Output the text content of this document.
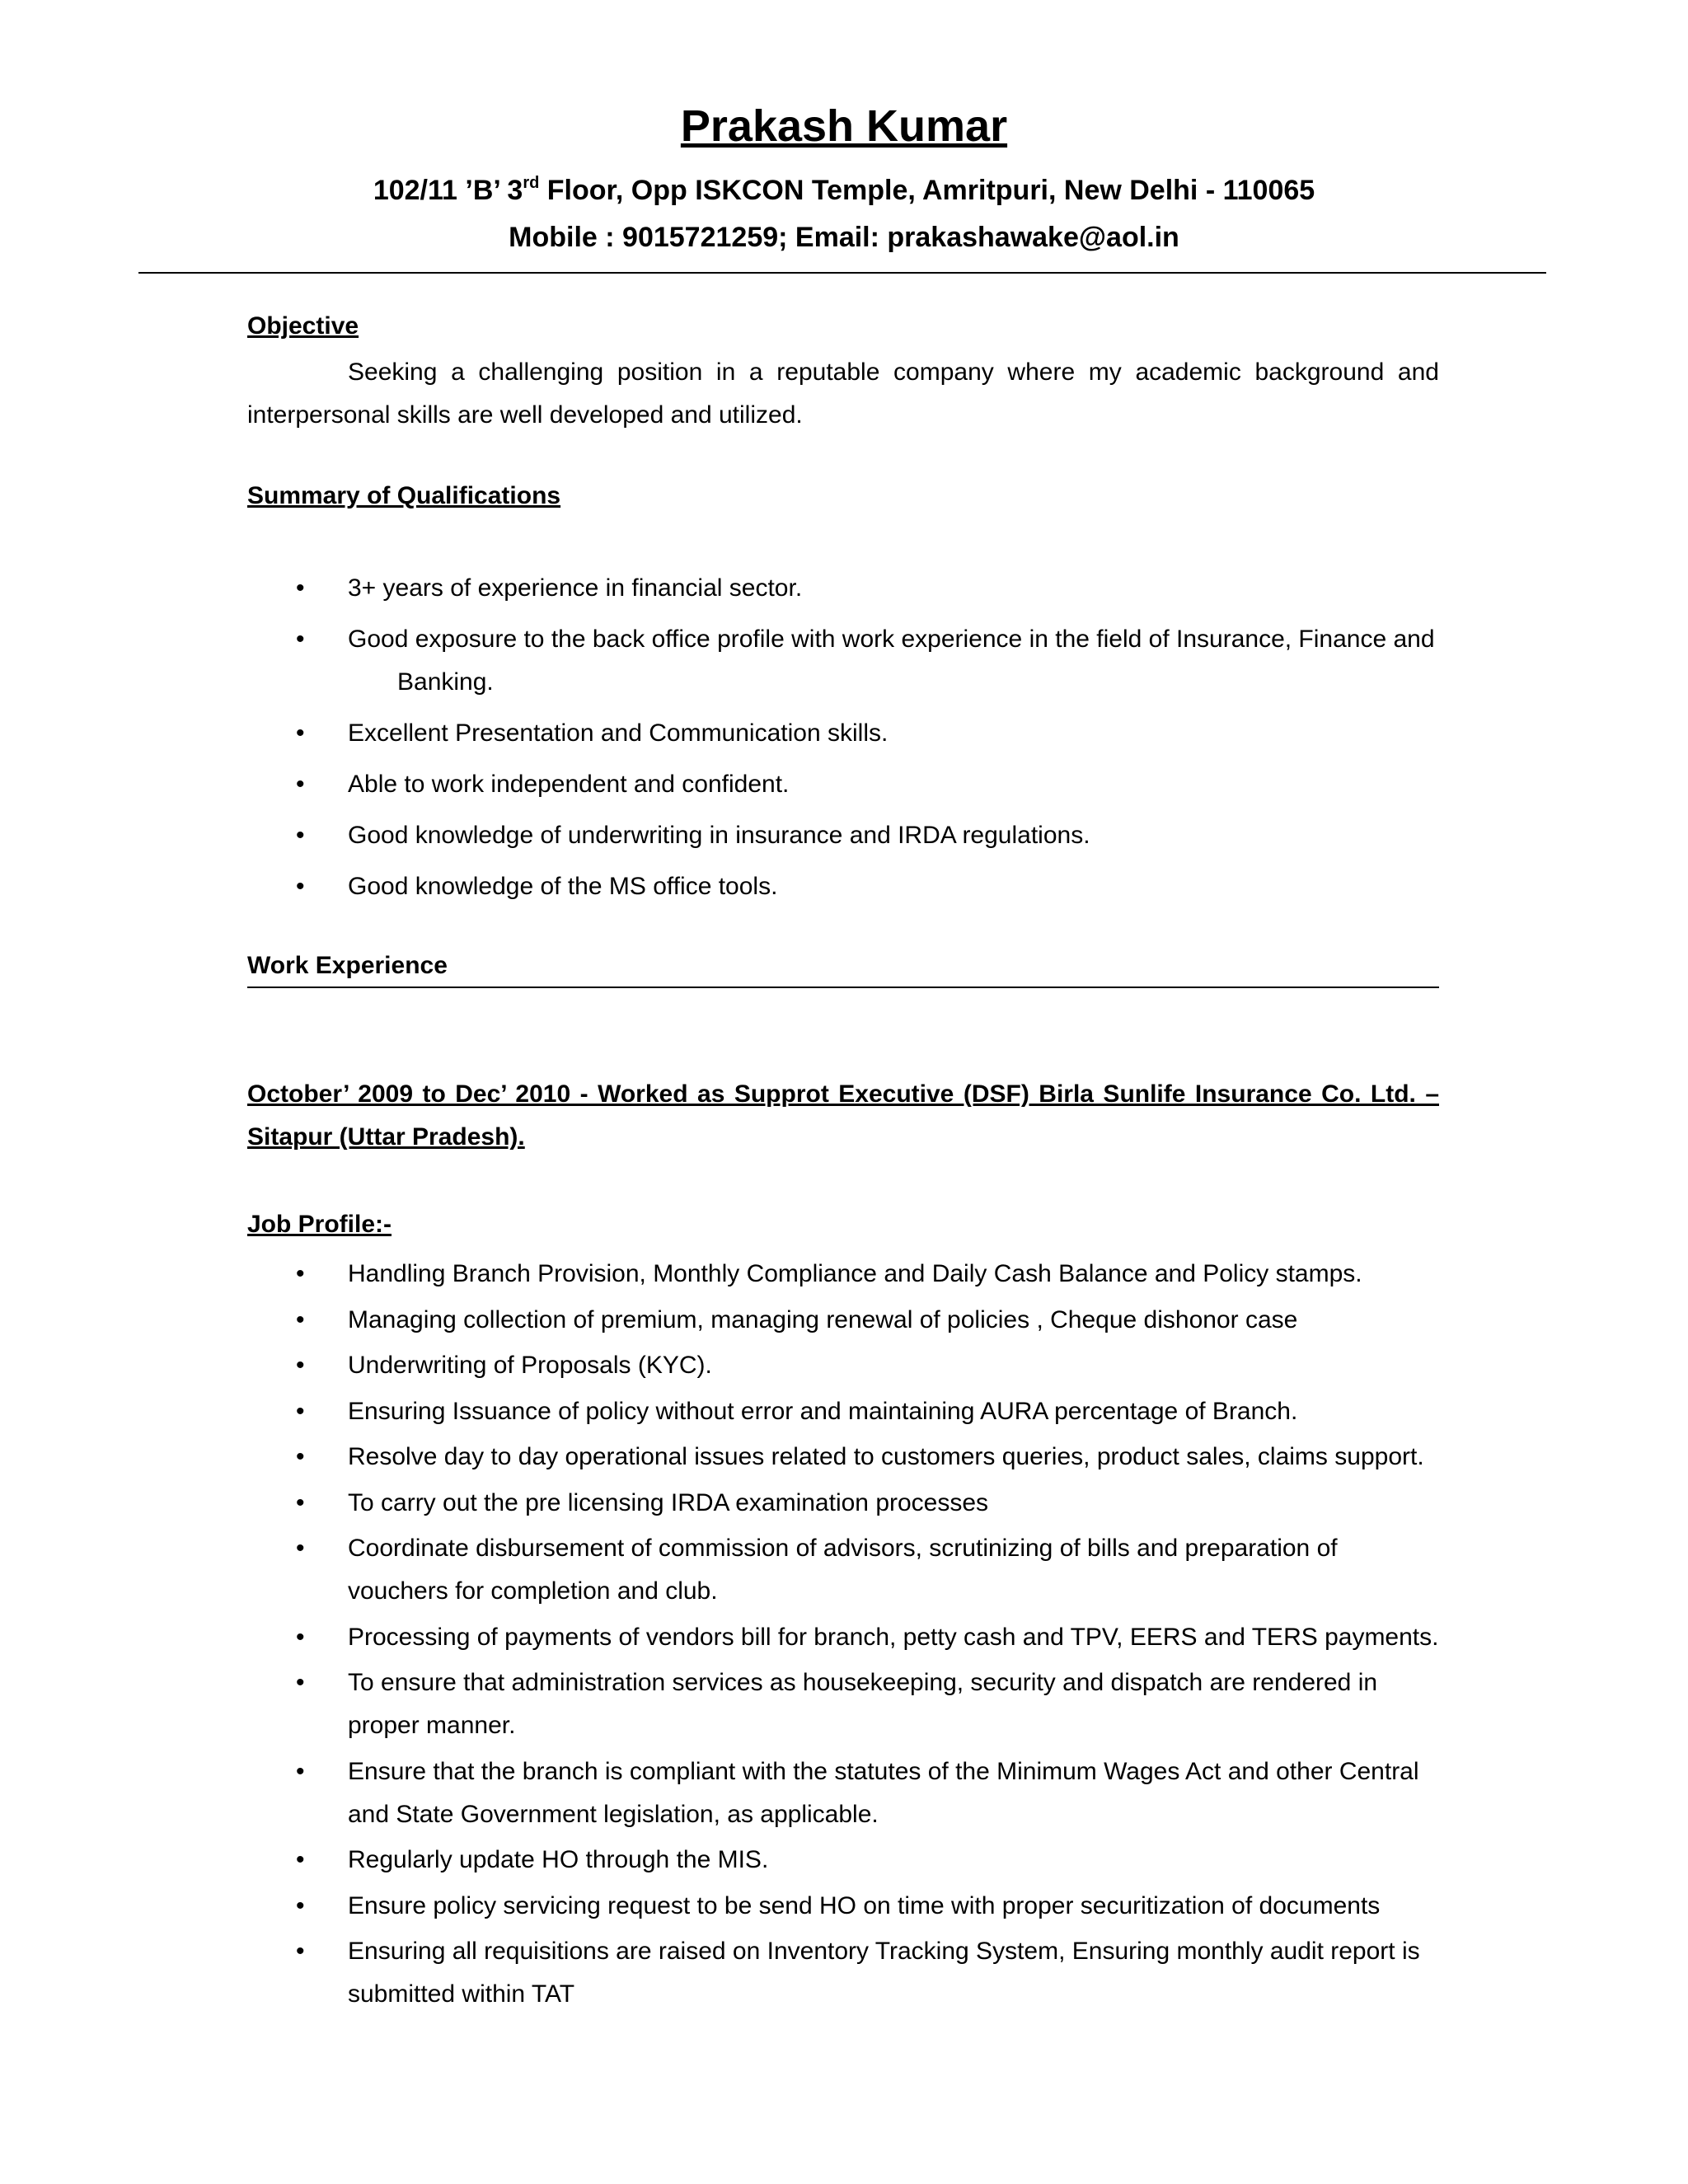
Prakash Kumar
102/11 ’B’ 3rd Floor, Opp ISKCON Temple, Amritpuri, New Delhi - 110065
Mobile : 9015721259; Email: prakashawake@aol.in
Objective
Seeking a challenging position in a reputable company where my academic background and interpersonal skills are well developed and utilized.
Summary of Qualifications
• 3+ years of experience in financial sector.
• Good exposure to the back office profile with work experience in the field of Insurance, Finance and
Banking.
• Excellent Presentation and Communication skills.
• Able to work independent and confident.
• Good knowledge of underwriting in insurance and IRDA regulations.
• Good knowledge of the MS office tools.
Work Experience
October’ 2009 to Dec’ 2010 - Worked as Supprot Executive (DSF) Birla Sunlife Insurance Co. Ltd. – Sitapur (Uttar Pradesh).
Job Profile:-
• Handling Branch Provision, Monthly Compliance and Daily Cash Balance and Policy stamps.
• Managing collection of premium, managing renewal of policies , Cheque dishonor case
• Underwriting of Proposals (KYC).
• Ensuring Issuance of policy without error and maintaining AURA percentage of Branch.
• Resolve day to day operational issues related to customers queries, product sales, claims support.
• To carry out the pre licensing IRDA examination processes
• Coordinate disbursement of commission of advisors, scrutinizing of bills and preparation of vouchers for completion and club.
• Processing of payments of vendors bill for branch, petty cash and TPV, EERS and TERS payments.
• To ensure that administration services as housekeeping, security and dispatch are rendered in proper manner.
• Ensure that the branch is compliant with the statutes of the Minimum Wages Act and other Central and State Government legislation, as applicable.
• Regularly update HO through the MIS.
• Ensure policy servicing request to be send HO on time with proper securitization of documents
• Ensuring all requisitions are raised on Inventory Tracking System, Ensuring monthly audit report is submitted within TAT
